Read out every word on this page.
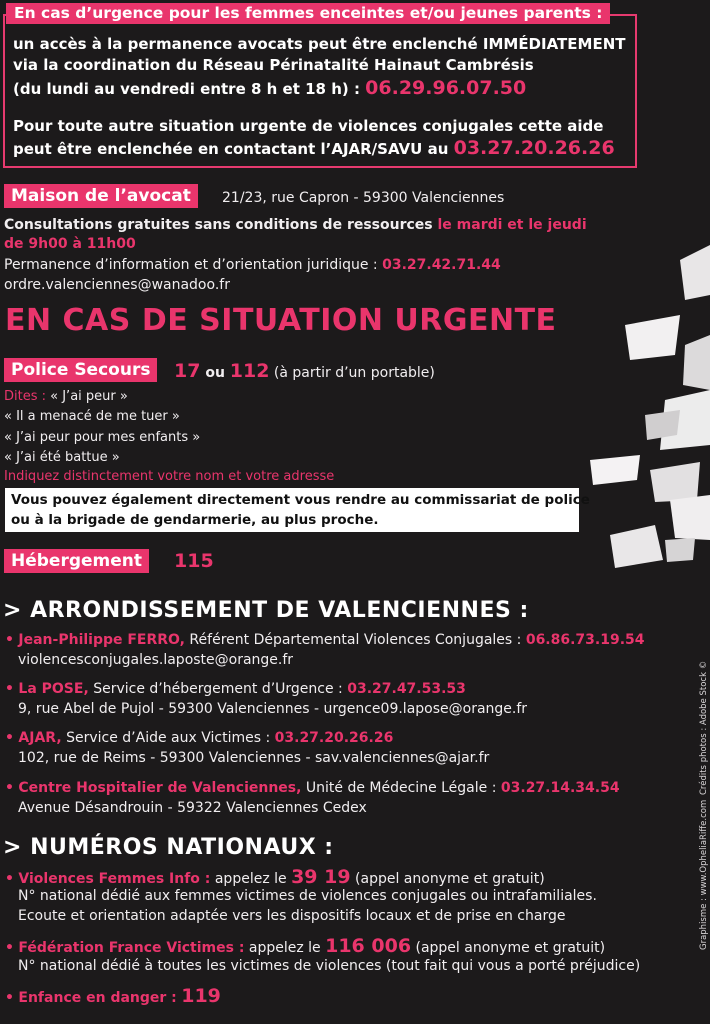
En cas d’urgence pour les femmes enceintes et/ou jeunes parents :
un accès à la permanence avocats peut être enclenché IMMÉDIATEMENT
via la coordination du Réseau Périnatalité Hainaut Cambrésis
(du lundi au vendredi entre 8 h et 18 h) : 06.29.96.07.50
Pour toute autre situation urgente de violences conjugales cette aide
peut être enclenchée en contactant l’AJAR/SAVU au 03.27.20.26.26
Maison de l’avocat	21/23, rue Capron - 59300 Valenciennes
Consultations gratuites sans conditions de ressources le mardi et le jeudi
de 9h00 à 11h00
Permanence d’information et d’orientation juridique : 03.27.42.71.44
ordre.valenciennes@wanadoo.fr
EN CAS DE SITUATION URGENTE
Police Secours	17 ou 112 (à partir d’un portable)
Dites : « J’ai peur »
« Il a menacé de me tuer »
« J’ai peur pour mes enfants »
« J’ai été battue »
Indiquez distinctement votre nom et votre adresse
Vous pouvez également directement vous rendre au commissariat de police
ou à la brigade de gendarmerie, au plus proche.
Hébergement	115
> ARRONDISSEMENT DE VALENCIENNES :
• Jean-Philippe FERRO, Référent Départemental Violences Conjugales : 06.86.73.19.54
violencesconjugales.laposte@orange.fr
• La POSE, Service d’hébergement d’Urgence : 03.27.47.53.53
9, rue Abel de Pujol - 59300 Valenciennes - urgence09.lapose@orange.fr
• AJAR, Service d’Aide aux Victimes : 03.27.20.26.26
102, rue de Reims - 59300 Valenciennes - sav.valenciennes@ajar.fr
• Centre Hospitalier de Valenciennes, Unité de Médecine Légale : 03.27.14.34.54
Avenue Désandrouin - 59322 Valenciennes Cedex
> NUMÉROS NATIONAUX :
• Violences Femmes Info : appelez le 39 19 (appel anonyme et gratuit)
N° national dédié aux femmes victimes de violences conjugales ou intrafamiliales.
Ecoute et orientation adaptée vers les dispositifs locaux et de prise en charge
• Fédération France Victimes : appelez le 116 006 (appel anonyme et gratuit)
N° national dédié à toutes les victimes de violences (tout fait qui vous a porté préjudice)
• Enfance en danger : 119
Crédits photos : Adobe Stock ©
Graphisme : www.OpheliaRiffe.com
